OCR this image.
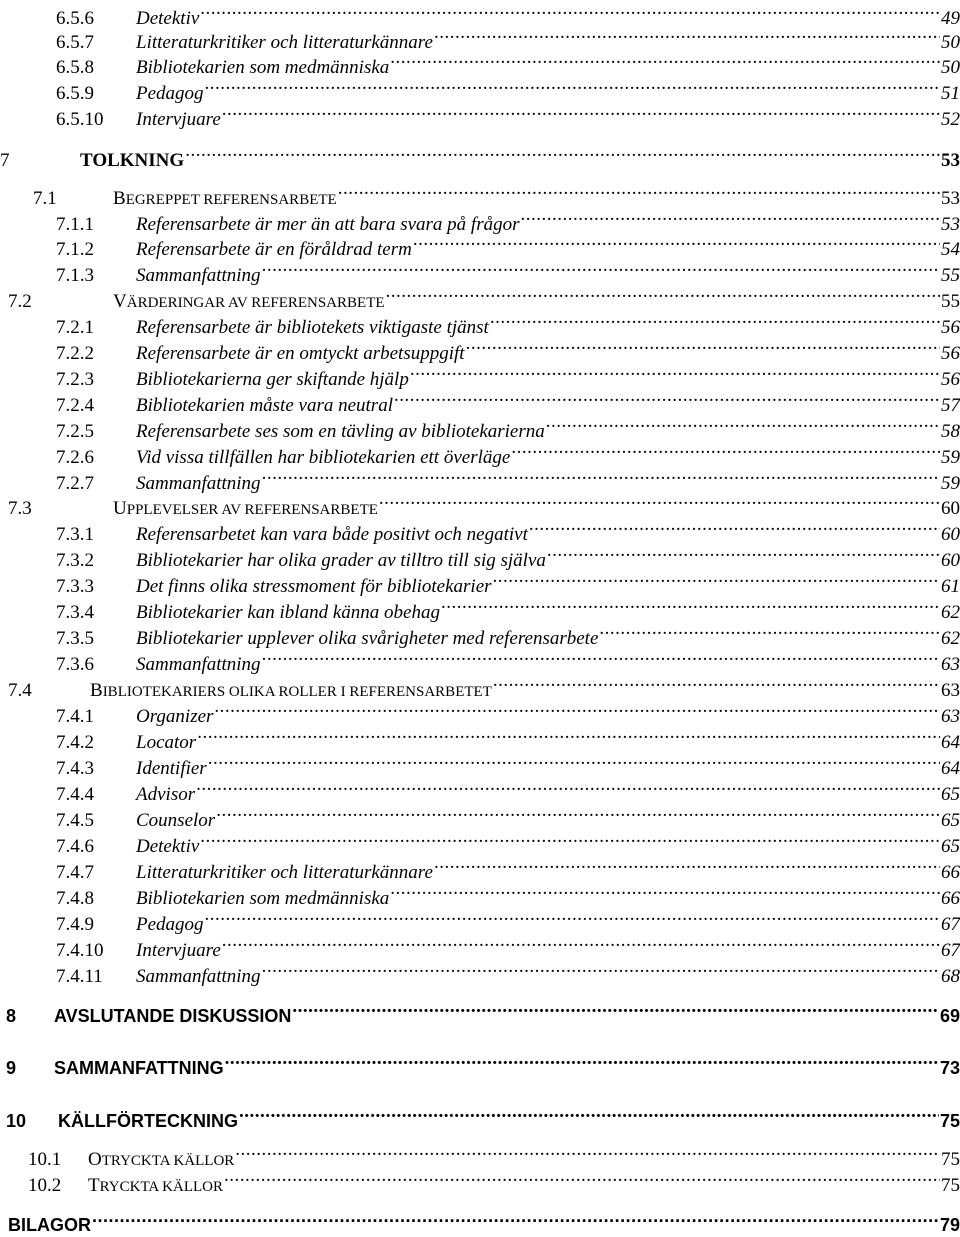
6.5.6	Detektiv .....	49
6.5.7	Litteraturkritiker och litteraturkännare .....	50
6.5.8	Bibliotekarien som medmänniska .....	50
6.5.9	Pedagog .....	51
6.5.10	Intervjuare .....	52
7	TOLKNING .....	53
7.1	BEGREPPET REFERENSARBETE .....	53
7.1.1	Referensarbete är mer än att bara svara på frågor .....	53
7.1.2	Referensarbete är en föråldrad term .....	54
7.1.3	Sammanfattning .....	55
7.2	VÄRDERINGAR AV REFERENSARBETE .....	55
7.2.1	Referensarbete är bibliotekets viktigaste tjänst .....	56
7.2.2	Referensarbete är en omtyckt arbetsuppgift .....	56
7.2.3	Bibliotekarierna ger skiftande hjälp .....	56
7.2.4	Bibliotekarien måste vara neutral .....	57
7.2.5	Referensarbete ses som en tävling av bibliotekarierna .....	58
7.2.6	Vid vissa tillfällen har bibliotekarien ett överläge .....	59
7.2.7	Sammanfattning .....	59
7.3	UPPLEVELSER AV REFERENSARBETE .....	60
7.3.1	Referensarbetet kan vara både positivt och negativt .....	60
7.3.2	Bibliotekarier har olika grader av tilltro till sig själva .....	60
7.3.3	Det finns olika stressmoment för bibliotekarier .....	61
7.3.4	Bibliotekarier kan ibland känna obehag .....	62
7.3.5	Bibliotekarier upplever olika svårigheter med referensarbete .....	62
7.3.6	Sammanfattning .....	63
7.4	BIBLIOTEKARIERS OLIKA ROLLER I REFERENSARBETET .....	63
7.4.1	Organizer .....	63
7.4.2	Locator .....	64
7.4.3	Identifier .....	64
7.4.4	Advisor .....	65
7.4.5	Counselor .....	65
7.4.6	Detektiv .....	65
7.4.7	Litteraturkritiker och litteraturkännare .....	66
7.4.8	Bibliotekarien som medmänniska .....	66
7.4.9	Pedagog .....	67
7.4.10	Intervjuare .....	67
7.4.11	Sammanfattning .....	68
8	AVSLUTANDE DISKUSSION .....	69
9	SAMMANFATTNING .....	73
10	KÄLLFÖRTECKNING .....	75
10.1	OTRYCKTA KÄLLOR .....	75
10.2	TRYCKTA KÄLLOR .....	75
BILAGOR .....	79
